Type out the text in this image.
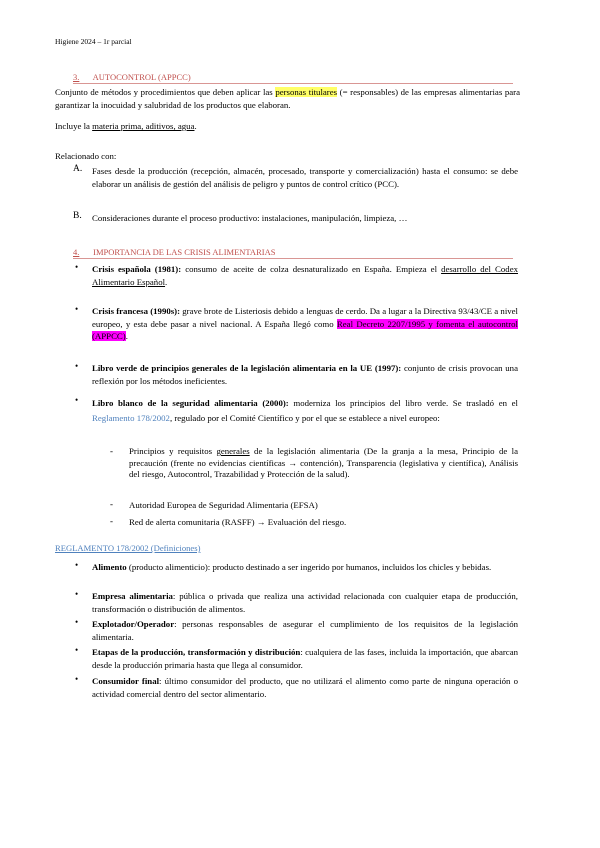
Higiene 2024 – 1r parcial
3. AUTOCONTROL (APPCC)
Conjunto de métodos y procedimientos que deben aplicar las personas titulares (= responsables) de las empresas alimentarias para garantizar la inocuidad y salubridad de los productos que elaboran.
Incluye la materia prima, aditivos, agua.
Relacionado con:
A. Fases desde la producción (recepción, almacén, procesado, transporte y comercialización) hasta el consumo: se debe elaborar un análisis de gestión del análisis de peligro y puntos de control crítico (PCC).
B. Consideraciones durante el proceso productivo: instalaciones, manipulación, limpieza, …
4. IMPORTANCIA DE LAS CRISIS ALIMENTARIAS
• Crisis española (1981): consumo de aceite de colza desnaturalizado en España. Empieza el desarrollo del Codex Alimentario Español.
• Crisis francesa (1990s): grave brote de Listeriosis debido a lenguas de cerdo. Da a lugar a la Directiva 93/43/CE a nivel europeo, y esta debe pasar a nivel nacional. A España llegó como Real Decreto 2207/1995 y fomenta el autocontrol (APPCC).
• Libro verde de principios generales de la legislación alimentaria en la UE (1997): conjunto de crisis provocan una reflexión por los métodos ineficientes.
• Libro blanco de la seguridad alimentaria (2000): moderniza los principios del libro verde. Se trasladó en el Reglamento 178/2002, regulado por el Comité Científico y por el que se establece a nivel europeo:
- Principios y requisitos generales de la legislación alimentaria (De la granja a la mesa, Principio de la precaución (frente no evidencias científicas → contención), Transparencia (legislativa y científica), Análisis del riesgo, Autocontrol, Trazabilidad y Protección de la salud).
- Autoridad Europea de Seguridad Alimentaria (EFSA)
- Red de alerta comunitaria (RASFF) → Evaluación del riesgo.
REGLAMENTO 178/2002 (Definiciones)
• Alimento (producto alimenticio): producto destinado a ser ingerido por humanos, incluidos los chicles y bebidas.
• Empresa alimentaria: pública o privada que realiza una actividad relacionada con cualquier etapa de producción, transformación o distribución de alimentos.
• Explotador/Operador: personas responsables de asegurar el cumplimiento de los requisitos de la legislación alimentaria.
• Etapas de la producción, transformación y distribución: cualquiera de las fases, incluida la importación, que abarcan desde la producción primaria hasta que llega al consumidor.
• Consumidor final: último consumidor del producto, que no utilizará el alimento como parte de ninguna operación o actividad comercial dentro del sector alimentario.
